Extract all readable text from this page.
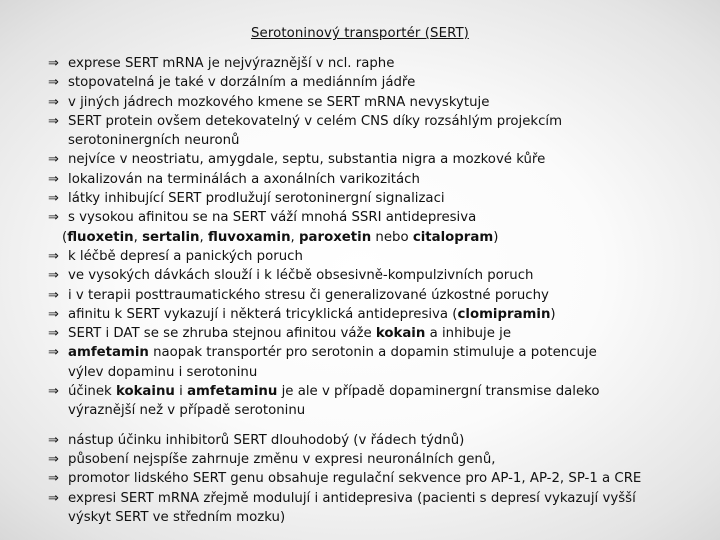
Serotoninový transportér (SERT)
⇒ exprese SERT mRNA je nejvýraznější v ncl. raphe
⇒ stopovatelná je také v dorzálním a mediánním jádře
⇒ v jiných jádrech mozkového kmene se SERT mRNA nevyskytuje
⇒ SERT protein ovšem detekovatelný v celém CNS díky rozsáhlým projekcím
serotoninergních neuronů
⇒ nejvíce v neostriatu, amygdale, septu, substantia nigra a mozkové kůře
⇒ lokalizován na terminálách a axonálních varikozitách
⇒ látky inhibující SERT prodlužují serotoninergní signalizaci
⇒ s vysokou afinitou se na SERT váží mnohá SSRI antidepresiva
(fluoxetin, sertalin, fluvoxamin, paroxetin nebo citalopram)
⇒ k léčbě depresí a panických poruch
⇒ ve vysokých dávkách slouží i k léčbě obsesivně-kompulzivních poruch
⇒ i v terapii posttraumatického stresu či generalizované úzkostné poruchy
⇒ afinitu k SERT vykazují i některá tricyklická antidepresiva (clomipramin)
⇒ SERT i DAT se se zhruba stejnou afinitou váže kokain a inhibuje je
⇒ amfetamin naopak transportér pro serotonin a dopamin stimuluje a potencuje
výlev dopaminu i serotoninu
⇒ účinek kokainu i amfetaminu je ale v případě dopaminergní transmise daleko
výraznější než v případě serotoninu
⇒ nástup účinku inhibitorů SERT dlouhodobý (v řádech týdnů)
⇒ působení nejspíše zahrnuje změnu v expresi neuronálních genů,
⇒ promotor lidského SERT genu obsahuje regulační sekvence pro AP-1, AP-2, SP-1 a CRE
⇒ expresi SERT mRNA zřejmě modulují i antidepresiva (pacienti s depresí vykazují vyšší
výskyt SERT ve středním mozku)
